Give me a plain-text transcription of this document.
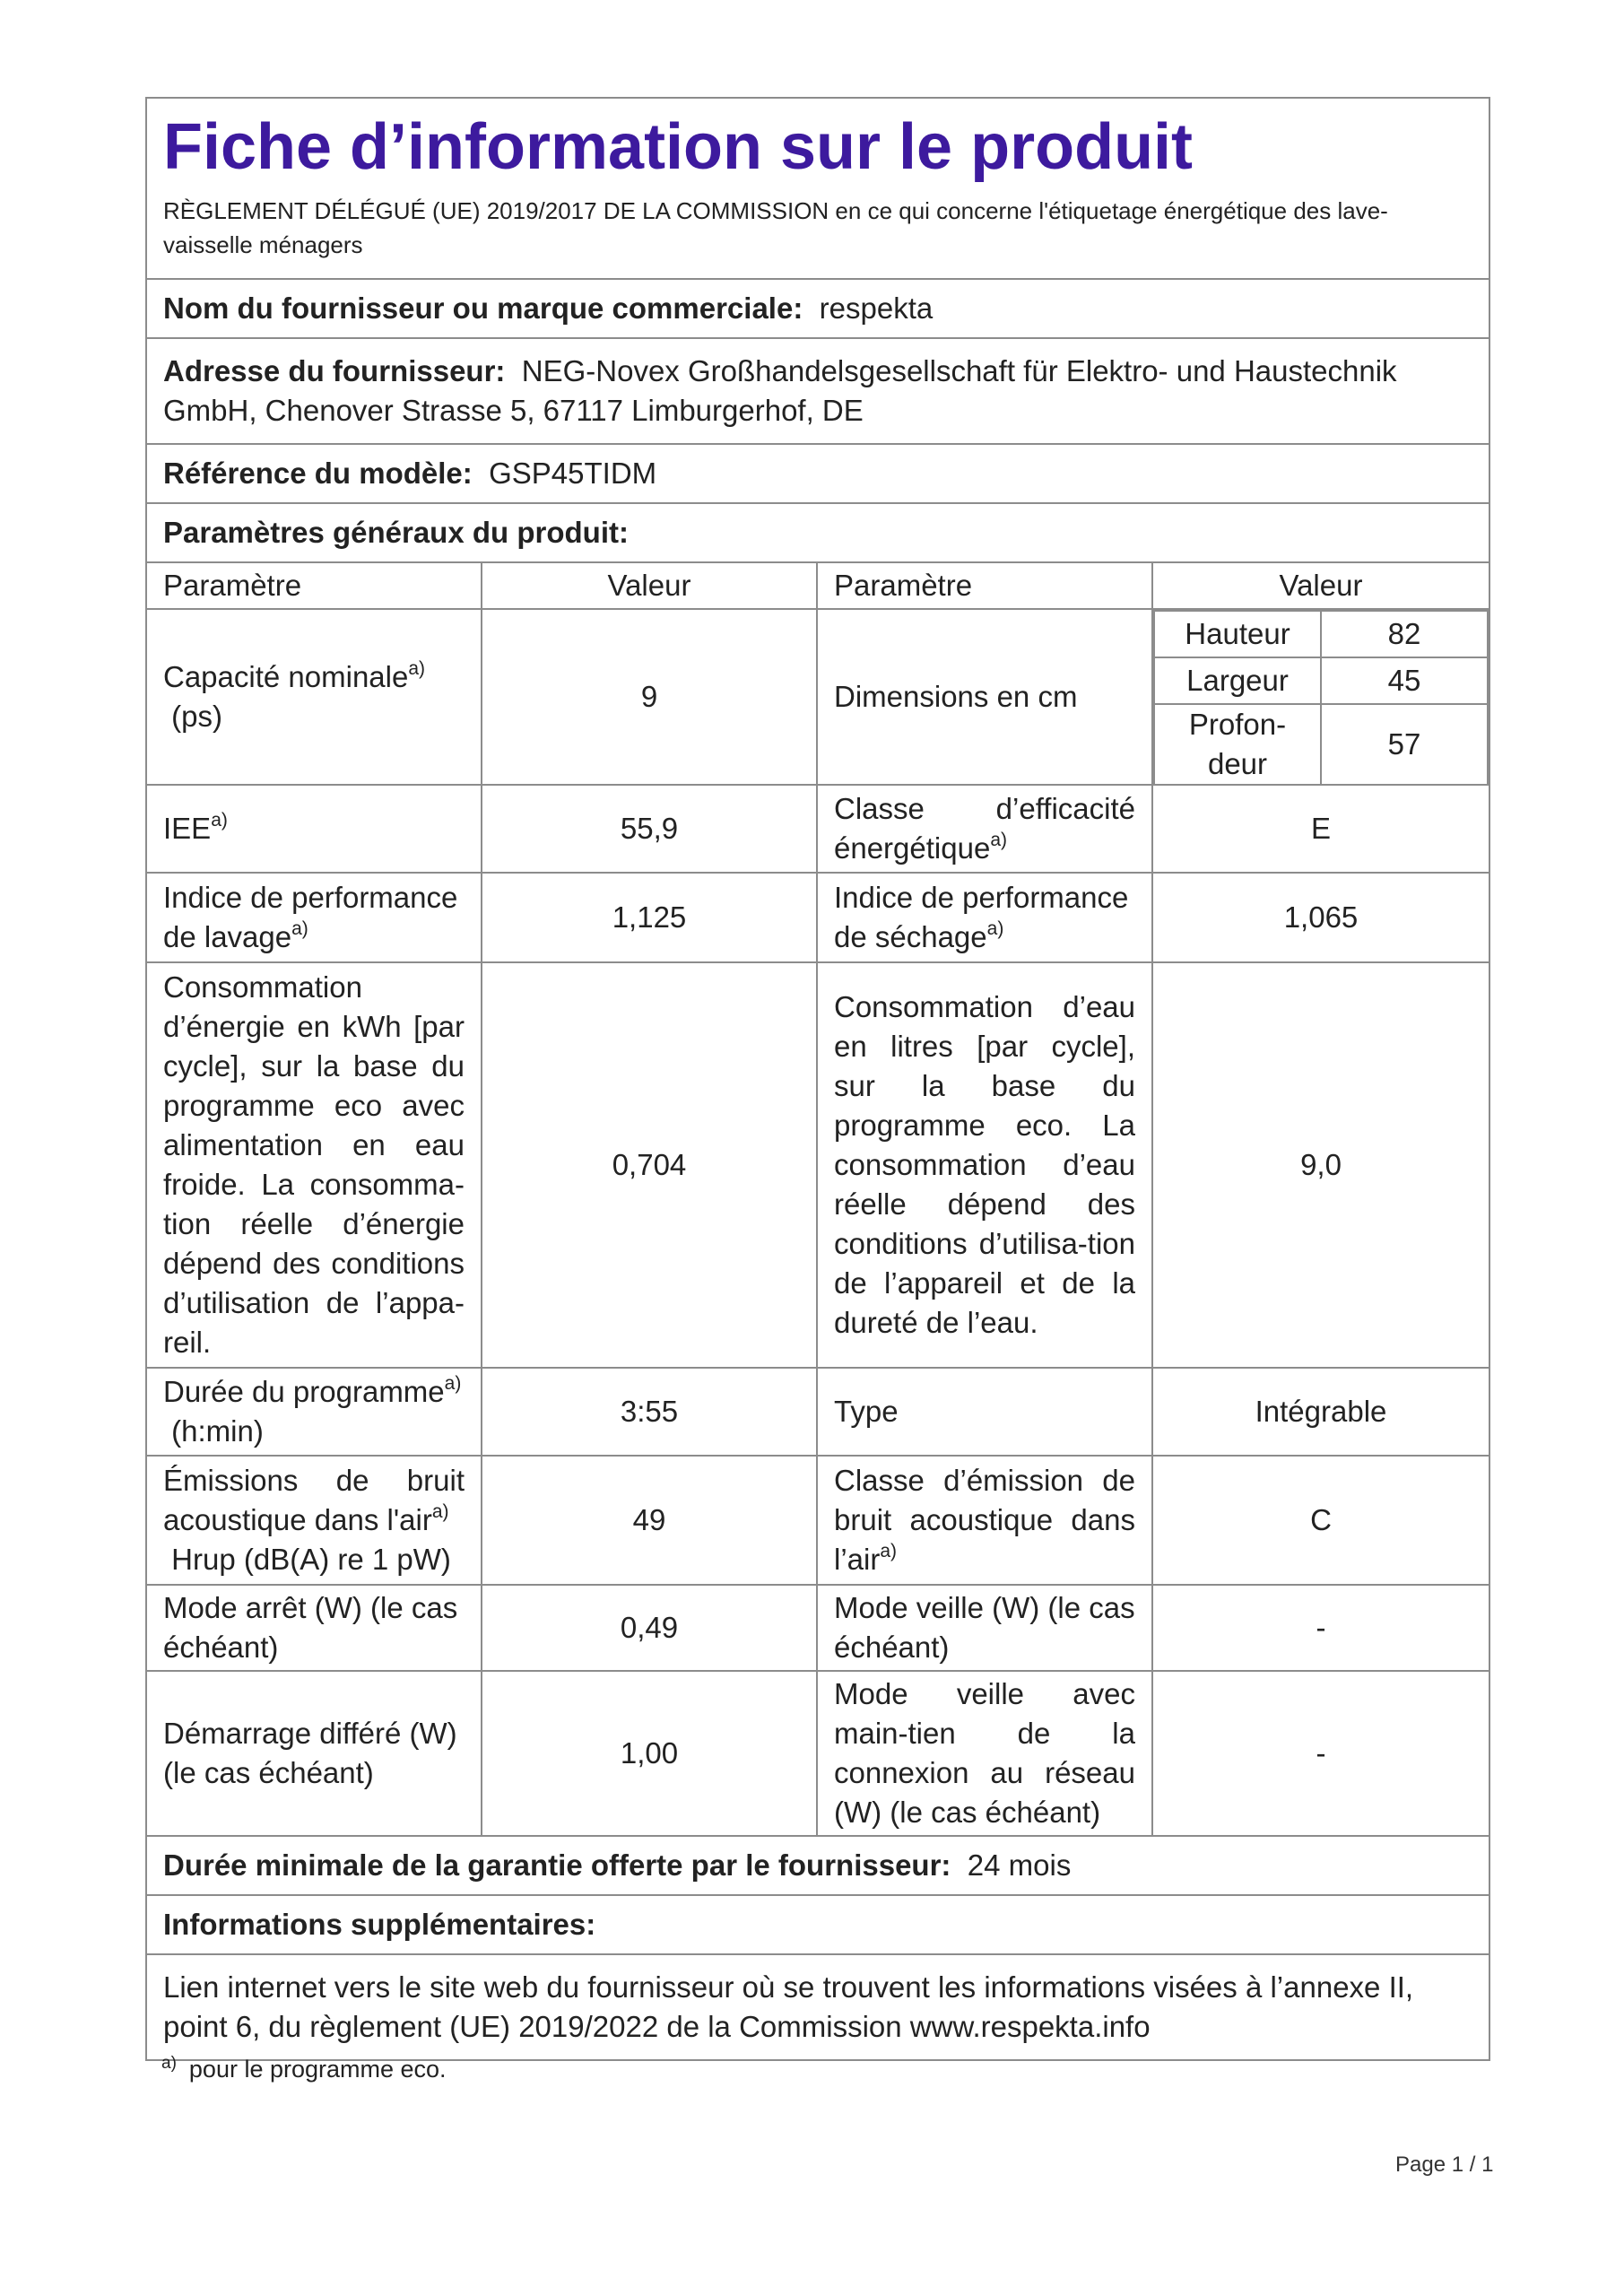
Fiche d’information sur le produit
RÈGLEMENT DÉLÉGUÉ (UE) 2019/2017 DE LA COMMISSION en ce qui concerne l'étiquetage énergétique des lave-vaisselle ménagers

Nom du fournisseur ou marque commerciale: respekta
Adresse du fournisseur: NEG-Novex Großhandelsgesellschaft für Elektro- und Haustechnik GmbH, Chenover Strasse 5, 67117 Limburgerhof, DE
Référence du modèle: GSP45TIDM
Paramètres généraux du produit:
Paramètre	Valeur	Paramètre	Valeur
Capacité nominale$^{a)}$
(ps)	9	Dimensions en cm	
Hauteur	82
Largeur	45
Profon-deur	57

IEE$^{a)}$	55,9	Classe d’efficacité énergétique$^{a)}$	E
Indice de performance de lavage$^{a)}$	1,125	Indice de performance de séchage$^{a)}$	1,065
Consommation d’énergie en kWh [par cycle], sur la base du programme eco avec alimentation en eau froide. La consomma-tion réelle d’énergie dépend des conditions d’utilisation de l’appa-reil.	0,704	Consommation d’eau en litres [par cycle], sur la base du programme eco. La consommation d’eau réelle dépend des conditions d’utilisa-tion de l’appareil et de la dureté de l’eau.	9,0
Durée du programme$^{a)}$
(h:min)	3:55	Type	Intégrable
Émissions de bruit acoustique dans l'air$^{a)}$
Hrup (dB(A) re 1 pW)	49	Classe d’émission de bruit acoustique dans l’air$^{a)}$	C
Mode arrêt (W) (le cas échéant)	0,49	Mode veille (W) (le cas échéant)	-
Démarrage différé (W) (le cas échéant)	1,00	Mode veille avec main-tien de la connexion au réseau (W) (le cas échéant)	-
Durée minimale de la garantie offerte par le fournisseur: 24 mois
Informations supplémentaires:
Lien internet vers le site web du fournisseur où se trouvent les informations visées à l’annexe II, point 6, du règlement (UE) 2019/2022 de la Commission www.respekta.info
$^{a)}$ pour le programme eco.
Page 1 / 1
